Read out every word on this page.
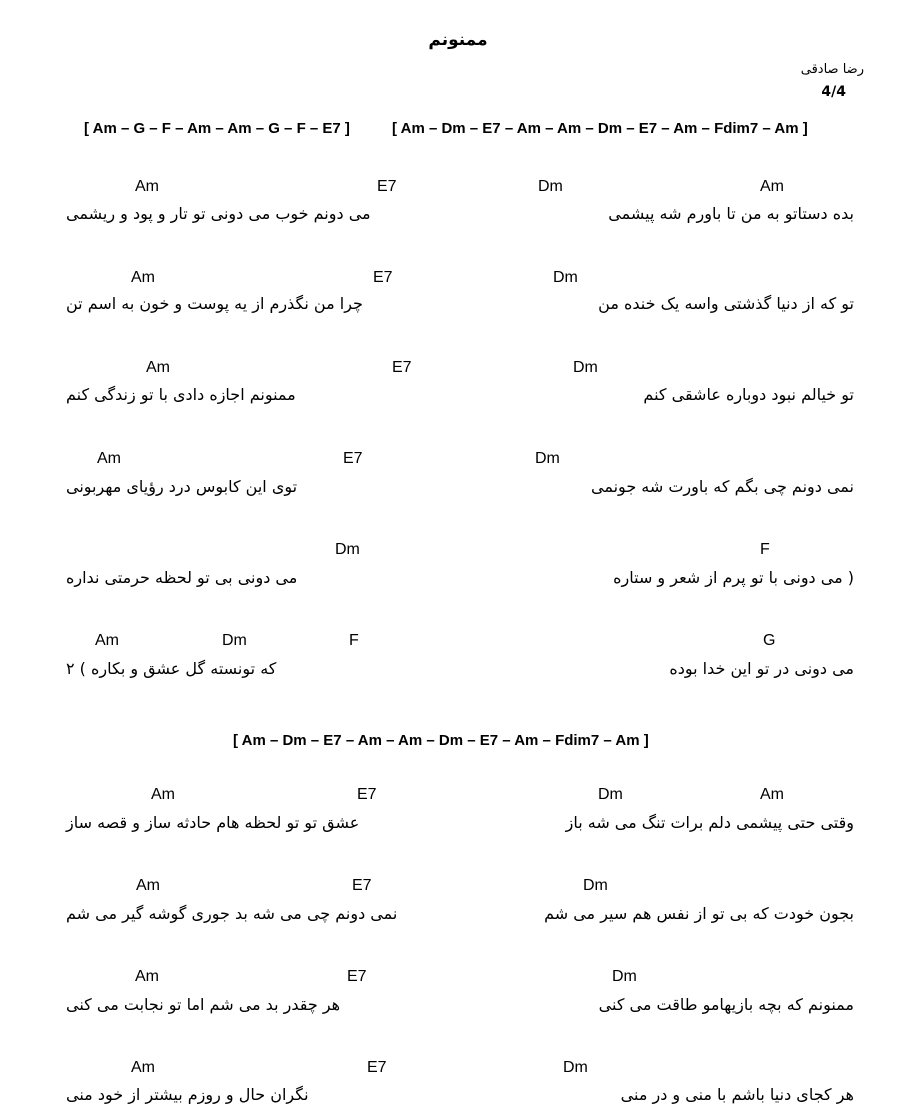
ممنونم
رضا صادقی
4/4
[ Am – G – F – Am – Am – G – F – E7 ]	[ Am – Dm – E7 – Am – Am – Dm – E7 – Am – Fdim7 – Am ]
Am	E7	Dm	Am
بده دستاتو به من تا باورم شه پیشمی
می دونم خوب می دونی تو تار و پود و ریشمی
Am	E7	Dm
تو که از دنیا گذشتی واسه یک خنده من
چرا من نگذرم از یه پوست و خون به اسم تن
Am	E7	Dm
تو خیالم نبود دوباره عاشقی کنم
ممنونم اجازه دادی با تو زندگی کنم
Am	E7	Dm
نمی دونم چی بگم که باورت شه جونمی
توی این کابوس درد رؤیای مهربونی
Dm	F
( می دونی با تو پرم از شعر و ستاره
می دونی بی تو لحظه حرمتی نداره
Am	Dm	F	G
می دونی در تو این خدا بوده
که تونسته گل عشق و بکاره ) ۲
[ Am – Dm – E7 – Am – Am – Dm – E7 – Am – Fdim7 – Am ]
Am	E7	Dm	Am
وقتی حتی پیشمی دلم برات تنگ می شه باز
عشق تو تو لحظه هام حادثه ساز و قصه ساز
Am	E7	Dm
بجون خودت که بی تو از نفس هم سیر می شم
نمی دونم چی می شه بد جوری گوشه گیر می شم
Am	E7	Dm
ممنونم که بچه بازیهامو طاقت می کنی
هر چقدر بد می شم اما تو نجابت می کنی
Am	E7	Dm
هر کجای دنیا باشم با منی و در منی
نگران حال و روزم بیشتر از خود منی
